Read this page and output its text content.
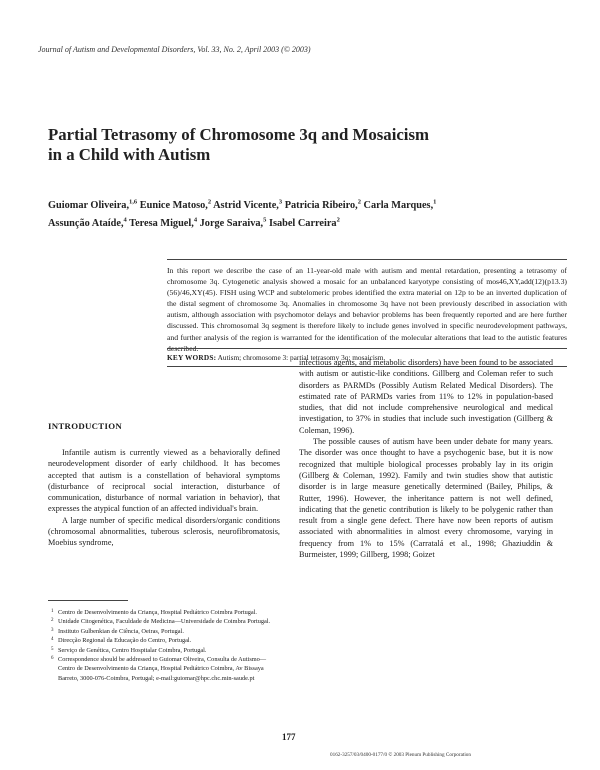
Journal of Autism and Developmental Disorders, Vol. 33, No. 2, April 2003 (© 2003)
Partial Tetrasomy of Chromosome 3q and Mosaicism
in a Child with Autism
Guiomar Oliveira,$^{1,6}$ Eunice Matoso,$^2$ Astrid Vicente,$^3$ Patricia Ribeiro,$^2$ Carla Marques,$^1$
Assunção Ataíde,$^4$ Teresa Miguel,$^4$ Jorge Saraiva,$^5$ Isabel Carreira$^2$
In this report we describe the case of an 11-year-old male with autism and mental retardation, presenting a tetrasomy of chromosome 3q. Cytogenetic analysis showed a mosaic for an unbalanced karyotype consisting of mos46,XY,add(12)(p13.3)(56)/46,XY(45). FISH using WCP and subtelomeric probes identified the extra material on 12p to be an inverted duplication of the distal segment of chromosome 3q. Anomalies in chromosome 3q have not been previously described in association with autism, although association with psychomotor delays and behavior problems has been frequently reported and are here further discussed. This chromosomal 3q segment is therefore likely to include genes involved in specific neurodevelopment pathways, and further analysis of the region is warranted for the identification of the molecular alterations that lead to the autistic features described.
KEY WORDS: Autism; chromosome 3: partial tetrasomy 3q; mosaicism.
INTRODUCTION

Infantile autism is currently viewed as a behaviorally defined neurodevelopment disorder of early childhood. It has becomes accepted that autism is a constellation of behavioral symptoms (disturbance of reciprocal social interaction, disturbance of communication, disturbance of normal variation in behavior), that expresses the atypical function of an affected individual's brain.

A large number of specific medical disorders/organic conditions (chromosomal abnormalities, tuberous sclerosis, neurofibromatosis, Moebius syndrome,

1 Centro de Desenvolvimento da Criança, Hospital Pediátrico Coimbra Portugal.
2 Unidade Citogenética, Faculdade de Medicina—Universidade de Coimbra Portugal.
3 Instituto Gulbenkian de Ciência, Oeiras, Portugal.
4 Direcção Regional da Educação do Centro, Portugal.
5 Serviço de Genética, Centro Hospitalar Coimbra, Portugal.
6 Correspondence should be addressed to Guiomar Oliveira, Consulta de Autismo—Centro de Desenvolvimento da Criança, Hospital Pediátrico Coimbra, Av Bissaya Barreto, 3000-076-Coimbra, Portugal; e-mail:guiomar@hpc.chc.min-saude.pt

infectious agents, and metabolic disorders) have been found to be associated with autism or autistic-like conditions. Gillberg and Coleman refer to such disorders as PARMDs (Possibly Autism Related Medical Disorders). The estimated rate of PARMDs varies from 11% to 12% in population-based studies, that did not include comprehensive neurological and medical investigation, to 37% in studies that include such investigation (Gillberg & Coleman, 1996).

The possible causes of autism have been under debate for many years. The disorder was once thought to have a psychogenic base, but it is now recognized that multiple biological processes probably lay in its origin (Gillberg & Coleman, 1992). Family and twin studies show that autistic disorder is in large measure genetically determined (Bailey, Philips, & Rutter, 1996). However, the inheritance pattern is not well defined, indicating that the genetic contribution is likely to be polygenic rather than result from a single gene defect. There have now been reports of autism associated with abnormalities in almost every chromosome, varying in frequency from 1% to 15% (Carratalá et al., 1998; Ghaziuddin & Burmeister, 1999; Gillberg, 1998; Goizet

177
0162-3257/03/0400-0177/0 © 2003 Plenum Publishing Corporation
